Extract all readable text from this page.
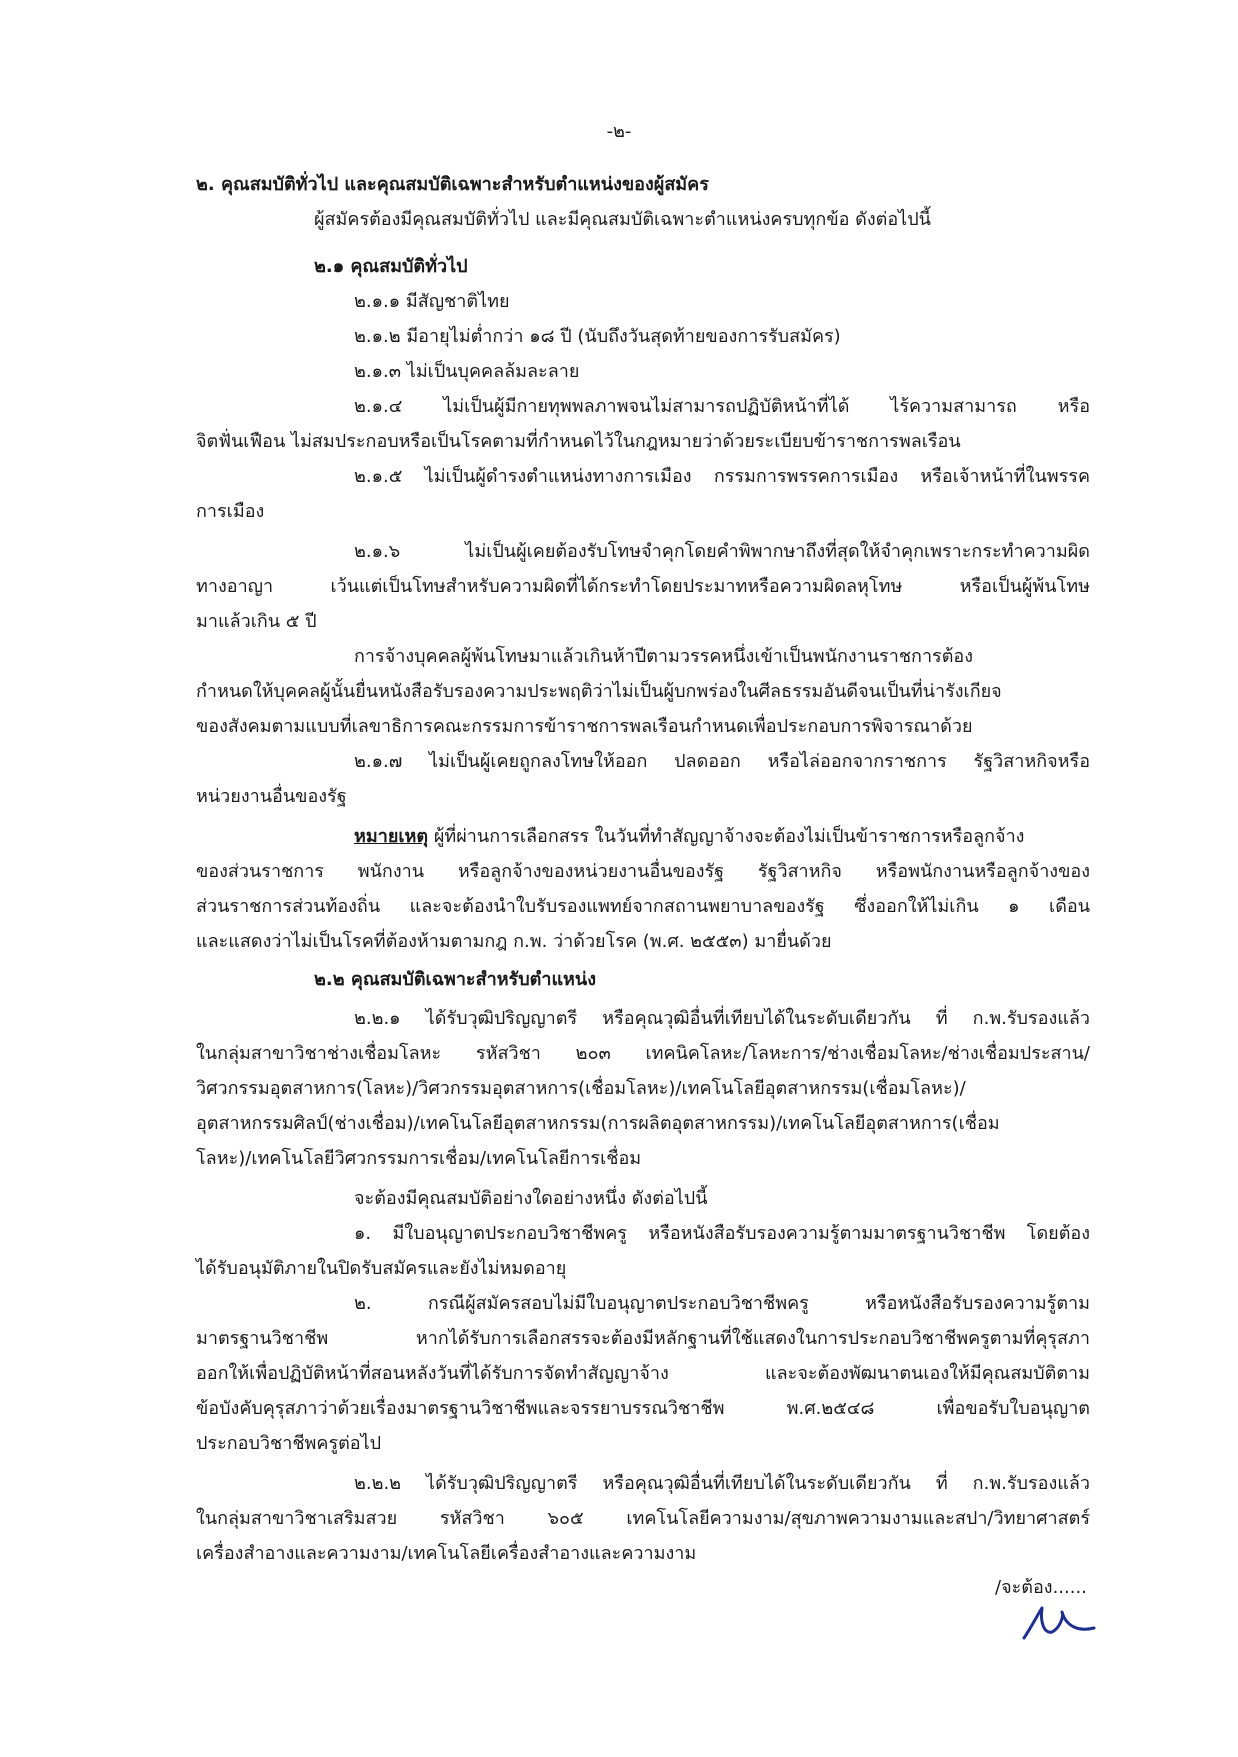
-๒-
๒. คุณสมบัติทั่วไป และคุณสมบัติเฉพาะสำหรับตำแหน่งของผู้สมัคร
ผู้สมัครต้องมีคุณสมบัติทั่วไป และมีคุณสมบัติเฉพาะตำแหน่งครบทุกข้อ ดังต่อไปนี้
๒.๑ คุณสมบัติทั่วไป
๒.๑.๑ มีสัญชาติไทย
๒.๑.๒ มีอายุไม่ต่ำกว่า ๑๘ ปี (นับถึงวันสุดท้ายของการรับสมัคร)
๒.๑.๓ ไม่เป็นบุคคลล้มละลาย
๒.๑.๔ ไม่เป็นผู้มีกายทุพพลภาพจนไม่สามารถปฏิบัติหน้าที่ได้ ไร้ความสามารถ หรือ
จิตฟั่นเฟือน ไม่สมประกอบหรือเป็นโรคตามที่กำหนดไว้ในกฎหมายว่าด้วยระเบียบข้าราชการพลเรือน
๒.๑.๕ ไม่เป็นผู้ดำรงตำแหน่งทางการเมือง กรรมการพรรคการเมือง หรือเจ้าหน้าที่ในพรรค
การเมือง
๒.๑.๖ ไม่เป็นผู้เคยต้องรับโทษจำคุกโดยคำพิพากษาถึงที่สุดให้จำคุกเพราะกระทำความผิด
ทางอาญา เว้นแต่เป็นโทษสำหรับความผิดที่ได้กระทำโดยประมาทหรือความผิดลหุโทษ หรือเป็นผู้พ้นโทษ
มาแล้วเกิน ๕ ปี
การจ้างบุคคลผู้พ้นโทษมาแล้วเกินห้าปีตามวรรคหนึ่งเข้าเป็นพนักงานราชการต้อง
กำหนดให้บุคคลผู้นั้นยื่นหนังสือรับรองความประพฤติว่าไม่เป็นผู้บกพร่องในศีลธรรมอันดีจนเป็นที่น่ารังเกียจ
ของสังคมตามแบบที่เลขาธิการคณะกรรมการข้าราชการพลเรือนกำหนดเพื่อประกอบการพิจารณาด้วย
๒.๑.๗ ไม่เป็นผู้เคยถูกลงโทษให้ออก ปลดออก หรือไล่ออกจากราชการ รัฐวิสาหกิจหรือ
หน่วยงานอื่นของรัฐ
หมายเหตุ ผู้ที่ผ่านการเลือกสรร ในวันที่ทำสัญญาจ้างจะต้องไม่เป็นข้าราชการหรือลูกจ้าง
ของส่วนราชการ พนักงาน หรือลูกจ้างของหน่วยงานอื่นของรัฐ รัฐวิสาหกิจ หรือพนักงานหรือลูกจ้างของ
ส่วนราชการส่วนท้องถิ่น และจะต้องนำใบรับรองแพทย์จากสถานพยาบาลของรัฐ ซึ่งออกให้ไม่เกิน ๑ เดือน
และแสดงว่าไม่เป็นโรคที่ต้องห้ามตามกฎ ก.พ. ว่าด้วยโรค (พ.ศ. ๒๕๕๓) มายื่นด้วย
๒.๒ คุณสมบัติเฉพาะสำหรับตำแหน่ง
๒.๒.๑ ได้รับวุฒิปริญญาตรี หรือคุณวุฒิอื่นที่เทียบได้ในระดับเดียวกัน ที่ ก.พ.รับรองแล้ว
ในกลุ่มสาขาวิชาช่างเชื่อมโลหะ รหัสวิชา ๒๐๓ เทคนิคโลหะ/โลหะการ/ช่างเชื่อมโลหะ/ช่างเชื่อมประสาน/
วิศวกรรมอุตสาหการ(โลหะ)/วิศวกรรมอุตสาหการ(เชื่อมโลหะ)/เทคโนโลยีอุตสาหกรรม(เชื่อมโลหะ)/
อุตสาหกรรมศิลป์(ช่างเชื่อม)/เทคโนโลยีอุตสาหกรรม(การผลิตอุตสาหกรรม)/เทคโนโลยีอุตสาหการ(เชื่อม
โลหะ)/เทคโนโลยีวิศวกรรมการเชื่อม/เทคโนโลยีการเชื่อม
จะต้องมีคุณสมบัติอย่างใดอย่างหนึ่ง ดังต่อไปนี้
๑. มีใบอนุญาตประกอบวิชาชีพครู หรือหนังสือรับรองความรู้ตามมาตรฐานวิชาชีพ โดยต้อง
ได้รับอนุมัติภายในปิดรับสมัครและยังไม่หมดอายุ
๒. กรณีผู้สมัครสอบไม่มีใบอนุญาตประกอบวิชาชีพครู หรือหนังสือรับรองความรู้ตาม
มาตรฐานวิชาชีพ หากได้รับการเลือกสรรจะต้องมีหลักฐานที่ใช้แสดงในการประกอบวิชาชีพครูตามที่คุรุสภา
ออกให้เพื่อปฏิบัติหน้าที่สอนหลังวันที่ได้รับการจัดทำสัญญาจ้าง และจะต้องพัฒนาตนเองให้มีคุณสมบัติตาม
ข้อบังคับคุรุสภาว่าด้วยเรื่องมาตรฐานวิชาชีพและจรรยาบรรณวิชาชีพ พ.ศ.๒๕๔๘ เพื่อขอรับใบอนุญาต
ประกอบวิชาชีพครูต่อไป
๒.๒.๒ ได้รับวุฒิปริญญาตรี หรือคุณวุฒิอื่นที่เทียบได้ในระดับเดียวกัน ที่ ก.พ.รับรองแล้ว
ในกลุ่มสาขาวิชาเสริมสวย รหัสวิชา ๖๐๕ เทคโนโลยีความงาม/สุขภาพความงามและสปา/วิทยาศาสตร์
เครื่องสำอางและความงาม/เทคโนโลยีเครื่องสำอางและความงาม
/จะต้อง......
